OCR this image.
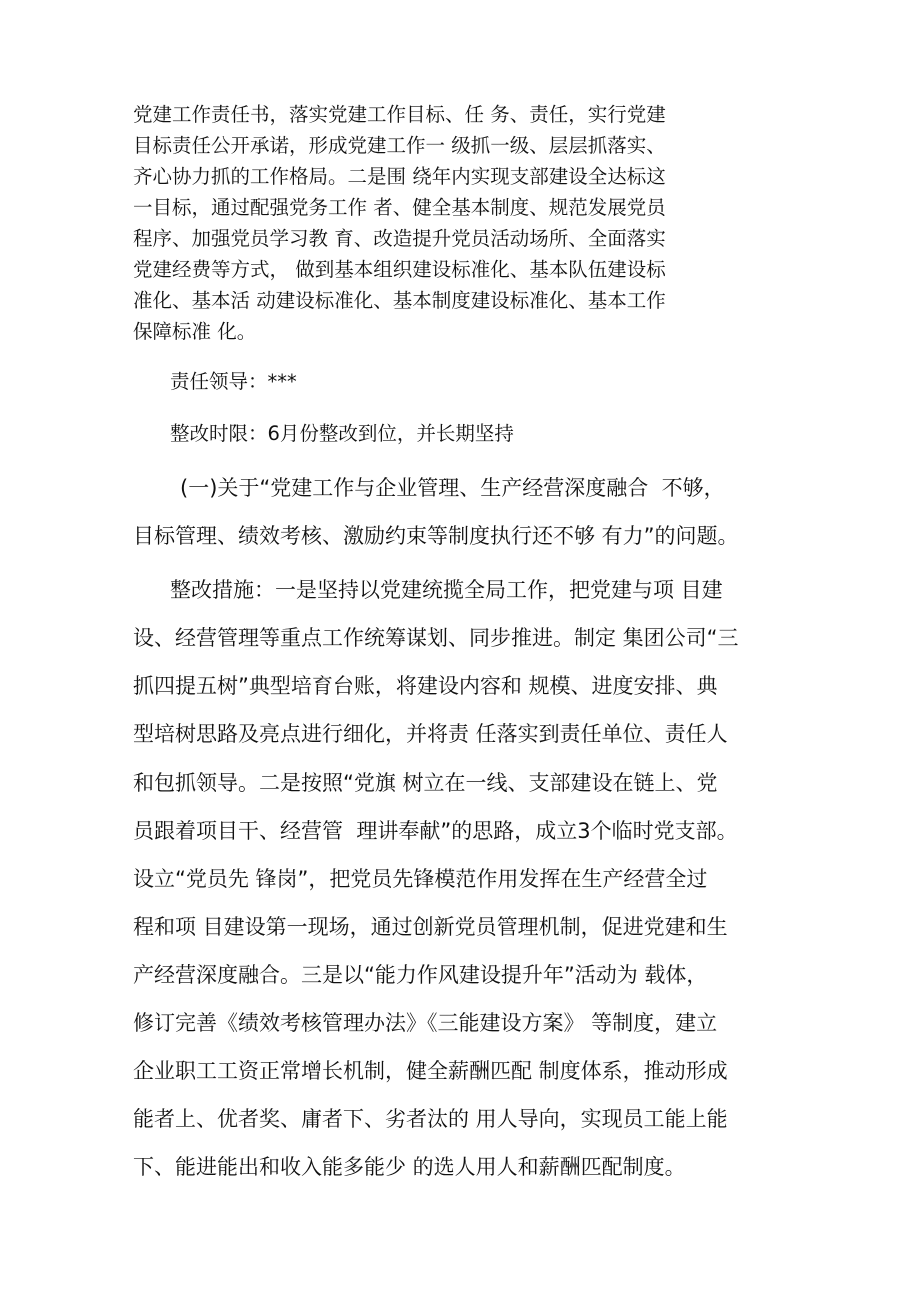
党建工作责任书，落实党建工作目标、任 务、责任，实行党建
目标责任公开承诺，形成党建工作一 级抓一级、层层抓落实、
齐心协力抓的工作格局。二是围 绕年内实现支部建设全达标这
一目标，通过配强党务工作 者、健全基本制度、规范发展党员
程序、加强党员学习教 育、改造提升党员活动场所、全面落实
党建经费等方式， 做到基本组织建设标准化、基本队伍建设标
准化、基本活 动建设标准化、基本制度建设标准化、基本工作
保障标准 化。
责任领导：***
整改时限：6月份整改到位，并长期坚持
(一)关于“党建工作与企业管理、生产经营深度融合  不够，
目标管理、绩效考核、激励约束等制度执行还不够 有力”的问题。
整改措施：一是坚持以党建统揽全局工作，把党建与项 目建
设、经营管理等重点工作统筹谋划、同步推进。制定 集团公司“三
抓四提五树”典型培育台账，将建设内容和 规模、进度安排、典
型培树思路及亮点进行细化，并将责 任落实到责任单位、责任人
和包抓领导。二是按照“党旗 树立在一线、支部建设在链上、党
员跟着项目干、经营管  理讲奉献”的思路，成立3个临时党支部。
设立“党员先 锋岗”，把党员先锋模范作用发挥在生产经营全过
程和项 目建设第一现场，通过创新党员管理机制，促进党建和生
产经营深度融合。三是以“能力作风建设提升年”活动为 载体，
修订完善《绩效考核管理办法》《三能建设方案》 等制度，建立
企业职工工资正常增长机制，健全薪酬匹配 制度体系，推动形成
能者上、优者奖、庸者下、劣者汰的 用人导向，实现员工能上能
下、能进能出和收入能多能少 的选人用人和薪酬匹配制度。
